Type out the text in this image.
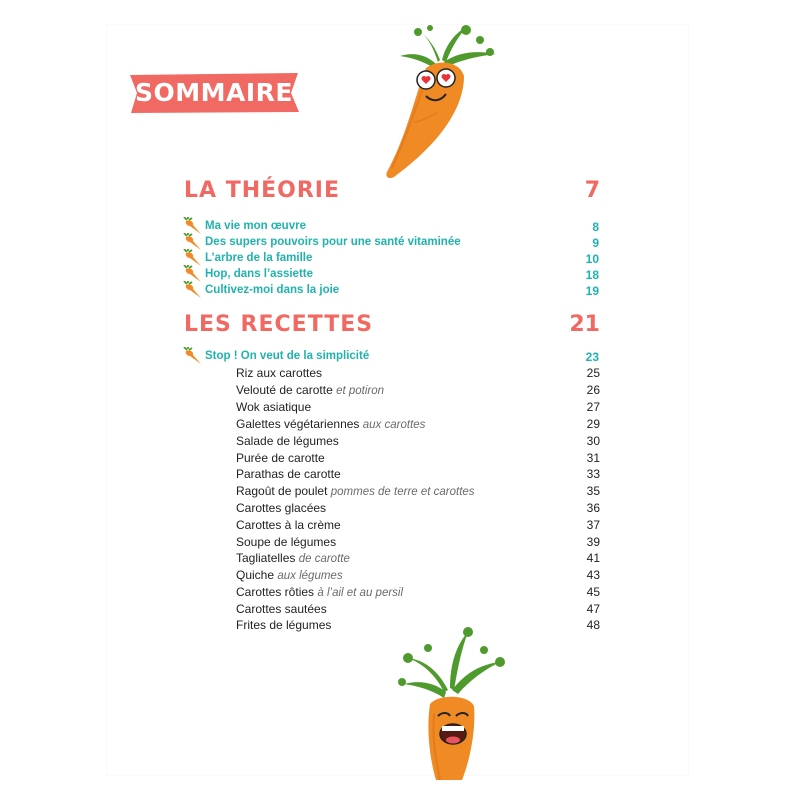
SOMMAIRE
LA THÉORIE	7
Ma vie mon œuvre	8
Des supers pouvoirs pour une santé vitaminée	9
L’arbre de la famille	10
Hop, dans l’assiette	18
Cultivez-moi dans la joie	19
LES RECETTES	21
Stop ! On veut de la simplicité	23
Riz aux carottes	25
Velouté de carotte et potiron	26
Wok asiatique	27
Galettes végétariennes aux carottes	29
Salade de légumes	30
Purée de carotte	31
Parathas de carotte	33
Ragoût de poulet pommes de terre et carottes	35
Carottes glacées	36
Carottes à la crème	37
Soupe de légumes	39
Tagliatelles de carotte	41
Quiche aux légumes	43
Carottes rôties à l’ail et au persil	45
Carottes sautées	47
Frites de légumes	48
